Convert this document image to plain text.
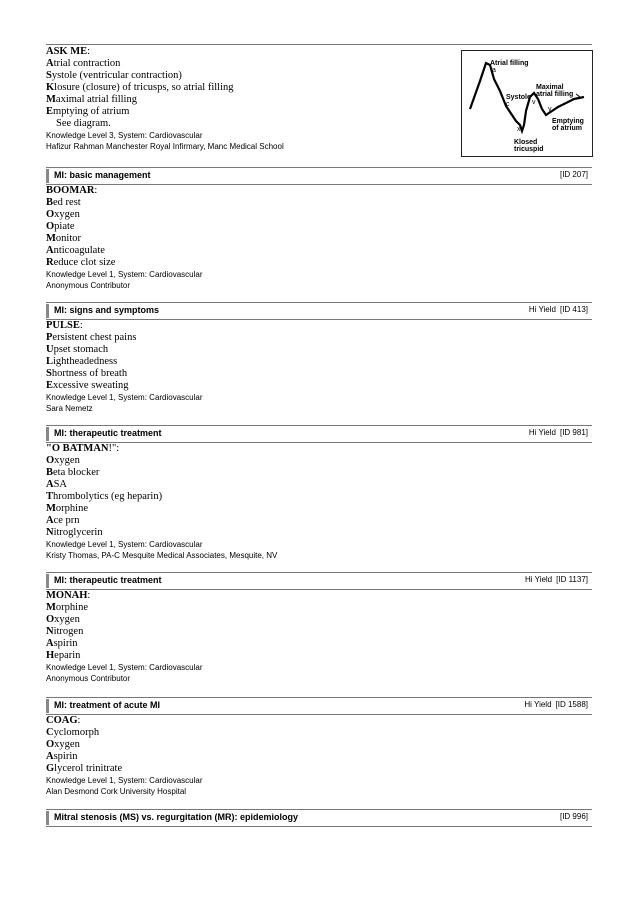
ASK ME:
Atrial contraction
Systole (ventricular contraction)
Klosure (closure) of tricusps, so atrial filling
Maximal atrial filling
Emptying of atrium
See diagram.
Knowledge Level 3, System: Cardiovascular
Hafizur Rahman Manchester Royal Infirmary, Manc Medical School
Atrial filling
a
Systole
c
x
Maximal
atrial filling
v
y
Emptying
of atrium
Klosed
tricuspid
MI: basic management	[ID 207]
BOOMAR:
Bed rest
Oxygen
Opiate
Monitor
Anticoagulate
Reduce clot size
Knowledge Level 1, System: Cardiovascular
Anonymous Contributor
MI: signs and symptoms	Hi Yield [ID 413]
PULSE:
Persistent chest pains
Upset stomach
Lightheadedness
Shortness of breath
Excessive sweating
Knowledge Level 1, System: Cardiovascular
Sara Nemetz
MI: therapeutic treatment	Hi Yield [ID 981]
"O BATMAN!":
Oxygen
Beta blocker
ASA
Thrombolytics (eg heparin)
Morphine
Ace prn
Nitroglycerin
Knowledge Level 1, System: Cardiovascular
Kristy Thomas, PA-C Mesquite Medical Associates, Mesquite, NV
MI: therapeutic treatment	Hi Yield [ID 1137]
MONAH:
Morphine
Oxygen
Nitrogen
Aspirin
Heparin
Knowledge Level 1, System: Cardiovascular
Anonymous Contributor
MI: treatment of acute MI	Hi Yield [ID 1588]
COAG:
Cyclomorph
Oxygen
Aspirin
Glycerol trinitrate
Knowledge Level 1, System: Cardiovascular
Alan Desmond Cork University Hospital
Mitral stenosis (MS) vs. regurgitation (MR): epidemiology	[ID 996]
